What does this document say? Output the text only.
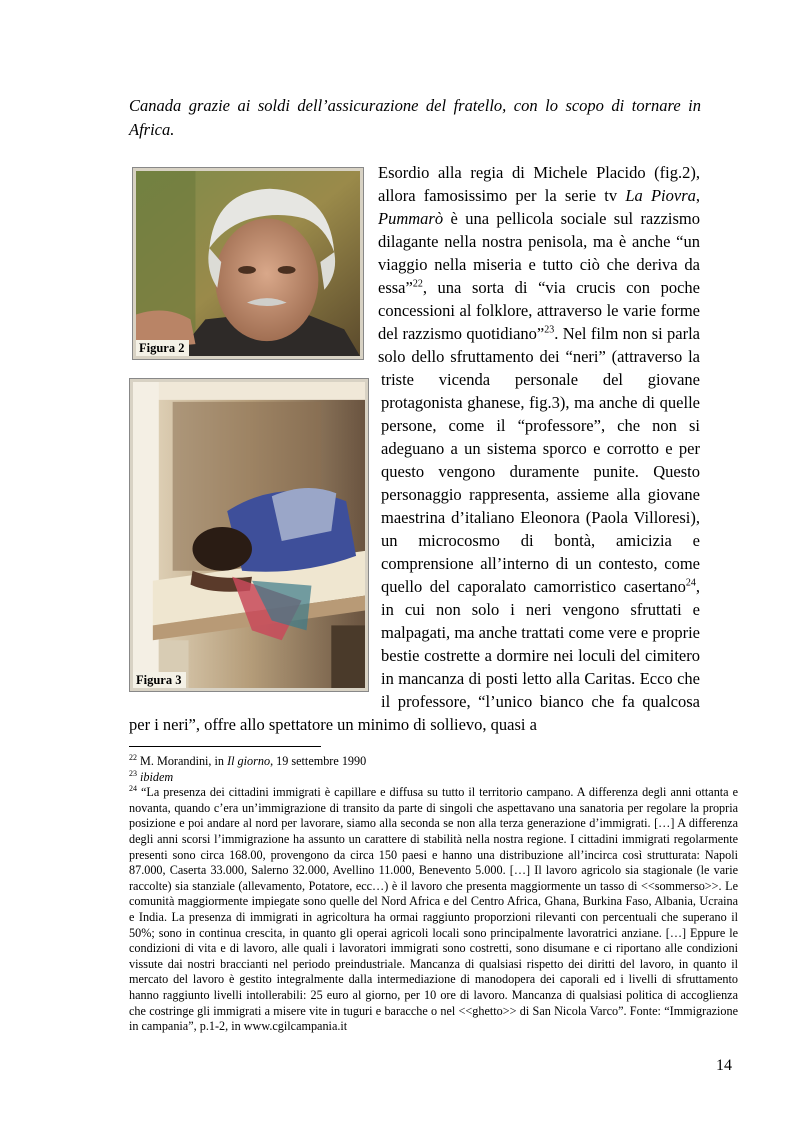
Canada grazie ai soldi dell’assicurazione del fratello, con lo scopo di tornare in Africa.
Figura 2
Figura 3

Esordio alla regia di Michele Placido (fig.2), allora famosissimo per la serie tv La Piovra, Pummarò è una pellicola sociale sul razzismo dilagante nella nostra penisola, ma è anche “un viaggio nella miseria e tutto ciò che deriva da essa”$^{22}$, una sorta di “via crucis con poche concessioni al folklore, attraverso le varie forme del razzismo quotidiano”$^{23}$. Nel film non si parla solo dello sfruttamento dei “neri” (attraverso la triste vicenda personale del giovane protagonista ghanese, fig.3), ma anche di quelle persone, come il “professore”, che non si adeguano a un sistema sporco e corrotto e per questo vengono duramente punite. Questo personaggio rappresenta, assieme alla giovane maestrina d’italiano Eleonora (Paola Villoresi), un microcosmo di bontà, amicizia e comprensione all’interno di un contesto, come quello del caporalato camorristico casertano$^{24}$, in cui non solo i neri vengono sfruttati e malpagati, ma anche trattati come vere e proprie bestie costrette a dormire nei loculi del cimitero in mancanza di posti letto alla Caritas. Ecco che il professore, “l’unico bianco che fa qualcosa per i neri”, offre allo spettatore un minimo di sollievo, quasi a

$^{22}$ M. Morandini, in Il giorno, 19 settembre 1990

$^{23}$ ibidem

$^{24}$ “La presenza dei cittadini immigrati è capillare e diffusa su tutto il territorio campano. A differenza degli anni ottanta e novanta, quando c’era un’immigrazione di transito da parte di singoli che aspettavano una sanatoria per regolare la propria posizione e poi andare al nord per lavorare, siamo alla seconda se non alla terza generazione d’immigrati. […] A differenza degli anni scorsi l’immigrazione ha assunto un carattere di stabilità nella nostra regione. I cittadini immigrati regolarmente presenti sono circa 168.00, provengono da circa 150 paesi e hanno una distribuzione all’incirca così strutturata: Napoli 87.000, Caserta 33.000, Salerno 32.000, Avellino 11.000, Benevento 5.000. […] Il lavoro agricolo sia stagionale (le varie raccolte) sia stanziale (allevamento, Potatore, ecc…) è il lavoro che presenta maggiormente un tasso di <<sommerso>>. Le comunità maggiormente impiegate sono quelle del Nord Africa e del Centro Africa, Ghana, Burkina Faso, Albania, Ucraina e India. La presenza di immigrati in agricoltura ha ormai raggiunto proporzioni rilevanti con percentuali che superano il 50%; sono in continua crescita, in quanto gli operai agricoli locali sono principalmente lavoratrici anziane. […] Eppure le condizioni di vita e di lavoro, alle quali i lavoratori immigrati sono costretti, sono disumane e ci riportano alle condizioni vissute dai nostri braccianti nel periodo preindustriale. Mancanza di qualsiasi rispetto dei diritti del lavoro, in quanto il mercato del lavoro è gestito integralmente dalla intermediazione di manodopera dei caporali ed i livelli di sfruttamento hanno raggiunto livelli intollerabili: 25 euro al giorno, per 10 ore di lavoro. Mancanza di qualsiasi politica di accoglienza che costringe gli immigrati a misere vite in tuguri e baracche o nel <<ghetto>> di San Nicola Varco”. Fonte: “Immigrazione in campania”, p.1-2, in www.cgilcampania.it

14
